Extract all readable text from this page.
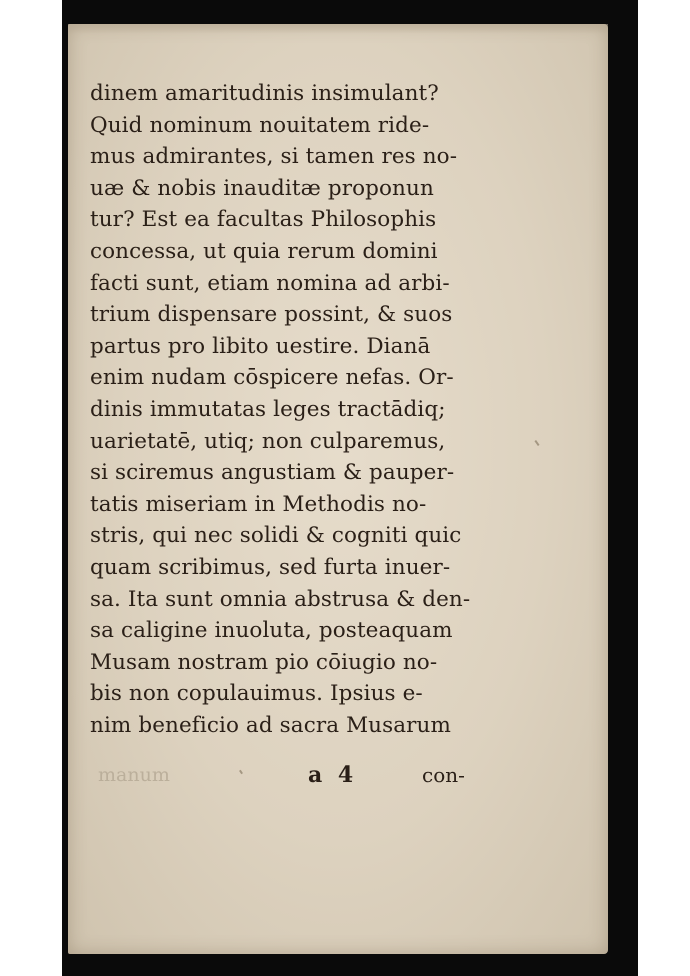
dinem amaritudinis insimulant?
Quid nominum nouitatem ride-
mus admirantes, si tamen res no-
uæ & nobis inauditæ proponun
tur? Est ea facultas Philosophis
concessa, ut quia rerum domini
facti sunt, etiam nomina ad arbi-
trium dispensare possint, & suos
partus pro libito uestire. Dianā
enim nudam cōspicere nefas. Or-
dinis immutatas leges tractādiq;
uarietatē, utiq; non culparemus,
si sciremus angustiam & pauper-
tatis miseriam in Methodis no-
stris, qui nec solidi & cogniti quic
quam scribimus, sed furta inuer-
sa. Ita sunt omnia abstrusa & den-
sa caligine inuoluta, posteaquam
Musam nostram pio cōiugio no-
bis non copulauimus. Ipsius e-
nim beneficio ad sacra Musarum
manum	a 4	con-
